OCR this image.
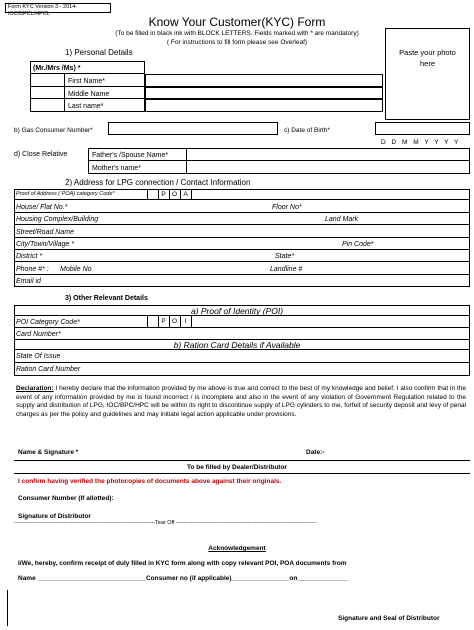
Form KYC Version 3 - 2014-IOC/BPCL/HPCL
Know Your Customer(KYC) Form
(To be filled in black ink with BLOCK LETTERS. Fields marked with * are mandatory)
( For instructions to fill form please see Overleaf)
Paste your photo here
1) Personal Details
(Mr./Mrs /Ms) *
First Name*
Middle Name
Last name*
b) Gas Consumer Number*	c) Date of Birth*
D D M M Y Y Y Y
d) Close Relative	Father's /Spouse Name*
Mother's name*
2) Address for LPG connection / Contact Information
Proof of Address ( POA) category Code*	P O A
House/ Flat No.*	Floor No*
Housing Complex/Building	Land Mark
Street/Road Name
City/Town/Village *	Pin Code*
District *	State*
Phone #* : Mobile No	Landline #
Email id
3) Other Relevant Details
a) Proof of Identity (POI)
POI Category Code*	P O	I
Card Number*
b) Ration Card Details if Available
State Of Issue
Ration Card Number
Declaration: I hereby declare that the information provided by me above is true and correct to the best of my knowledge and belief. I also confirm that in the event of any information provided by me is found incorrect / is incomplete and also in the event of any violation of Government Regulation related to the supply and distribution of LPG, IOC/BPC/HPC will be within its right to discontinue supply of LPG cylinders to me, forfeit of security deposit and levy of penal charges as per the policy and guidelines and may initiate legal action applicable under provisions.
Name & Signature *	Date:-
To be filled by Dealer/Distributor
I confirm having verified the photocopies of documents above against their originals.
Consumer Number (If allotted):
Signature of Distributor
-----------------------------------------------------------------------------Tear Off -----------------------------------------------------------------------------
Acknowledgement
I/We, hereby, confirm receipt of duly filled in KYC form along with copy relevant POI, POA documents from
Name ______________________________Consumer no (if applicable)________________on______________
Signature and Seal of Distributor
